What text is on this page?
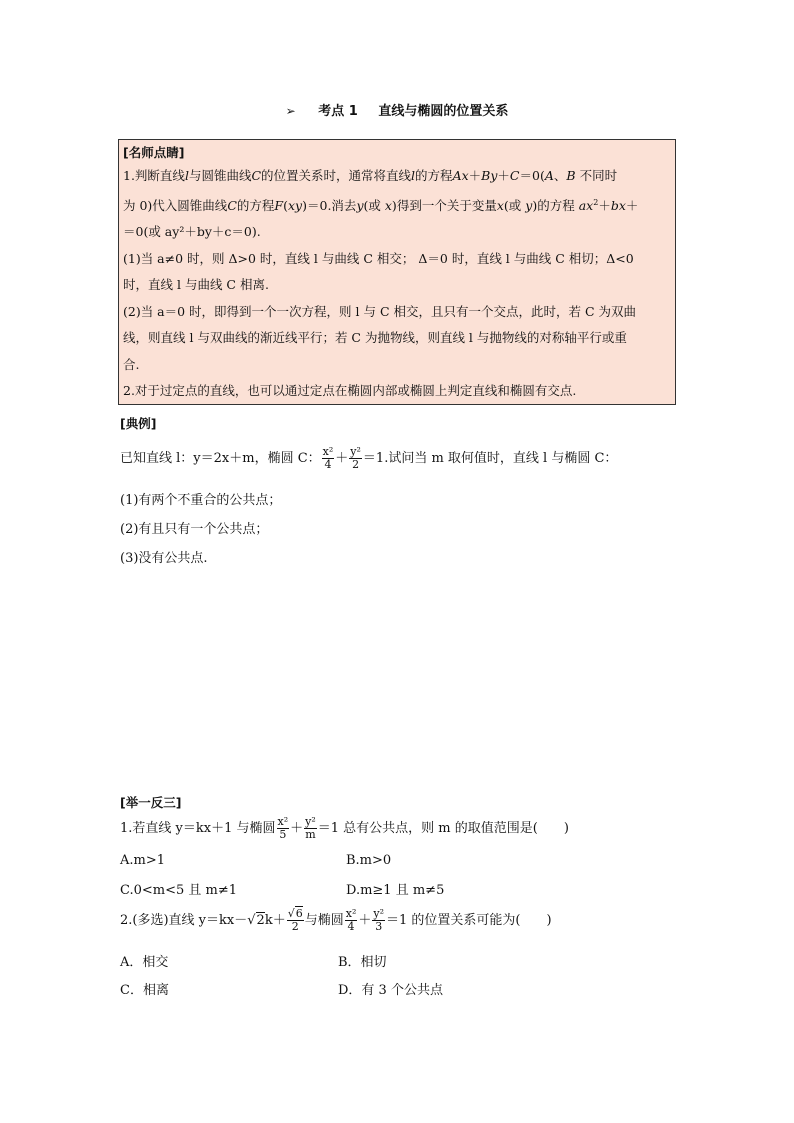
➢ 考点 1 直线与椭圆的位置关系

[名师点睛]

1.判断直线l与圆锥曲线C的位置关系时，通常将直线l的方程Ax＋By＋C＝0(A、B 不同时

为 0)代入圆锥曲线C的方程F(xy)＝0.消去y(或 x)得到一个关于变量x(或 y)的方程 $ax^2+bx+$

＝0(或 ay²＋by＋c＝0).

(1)当 a≠0 时，则 Δ>0 时，直线 l 与曲线 C 相交； Δ＝0 时，直线 l 与曲线 C 相切；Δ<0

时，直线 l 与曲线 C 相离.

(2)当 a＝0 时，即得到一个一次方程，则 l 与 C 相交，且只有一个交点，此时，若 C 为双曲

线，则直线 l 与双曲线的渐近线平行；若 C 为抛物线，则直线 l 与抛物线的对称轴平行或重

合.

2.对于过定点的直线，也可以通过定点在椭圆内部或椭圆上判定直线和椭圆有交点.

[典例]
已知直线 l：y＝2x＋m，椭圆 C： $\frac{\text{x²}}{4} + \frac{\text{y²}}{2} =1$.试问当 m 取何值时，直线 l 与椭圆 C：
(1)有两个不重合的公共点；
(2)有且只有一个公共点；
(3)没有公共点.
[举一反三]
1.若直线 y＝kx＋1 与椭圆 $\frac{\text{x²}}{5} + \frac{\text{y²}}{m} =1$ 总有公共点，则 m 的取值范围是(　　)
A.m>1	B.m>0
C.0<m<5 且 m≠1	D.m≥1 且 m≠5
2.(多选)直线 $y=kx-√2k+ \frac{√6}{2}$ 与椭圆 $\frac{\text{x²}}{4} + \frac{\text{y²}}{3} =1$ 的位置关系可能为(　　)
A．相交	B．相切
C．相离	D．有 3 个公共点
